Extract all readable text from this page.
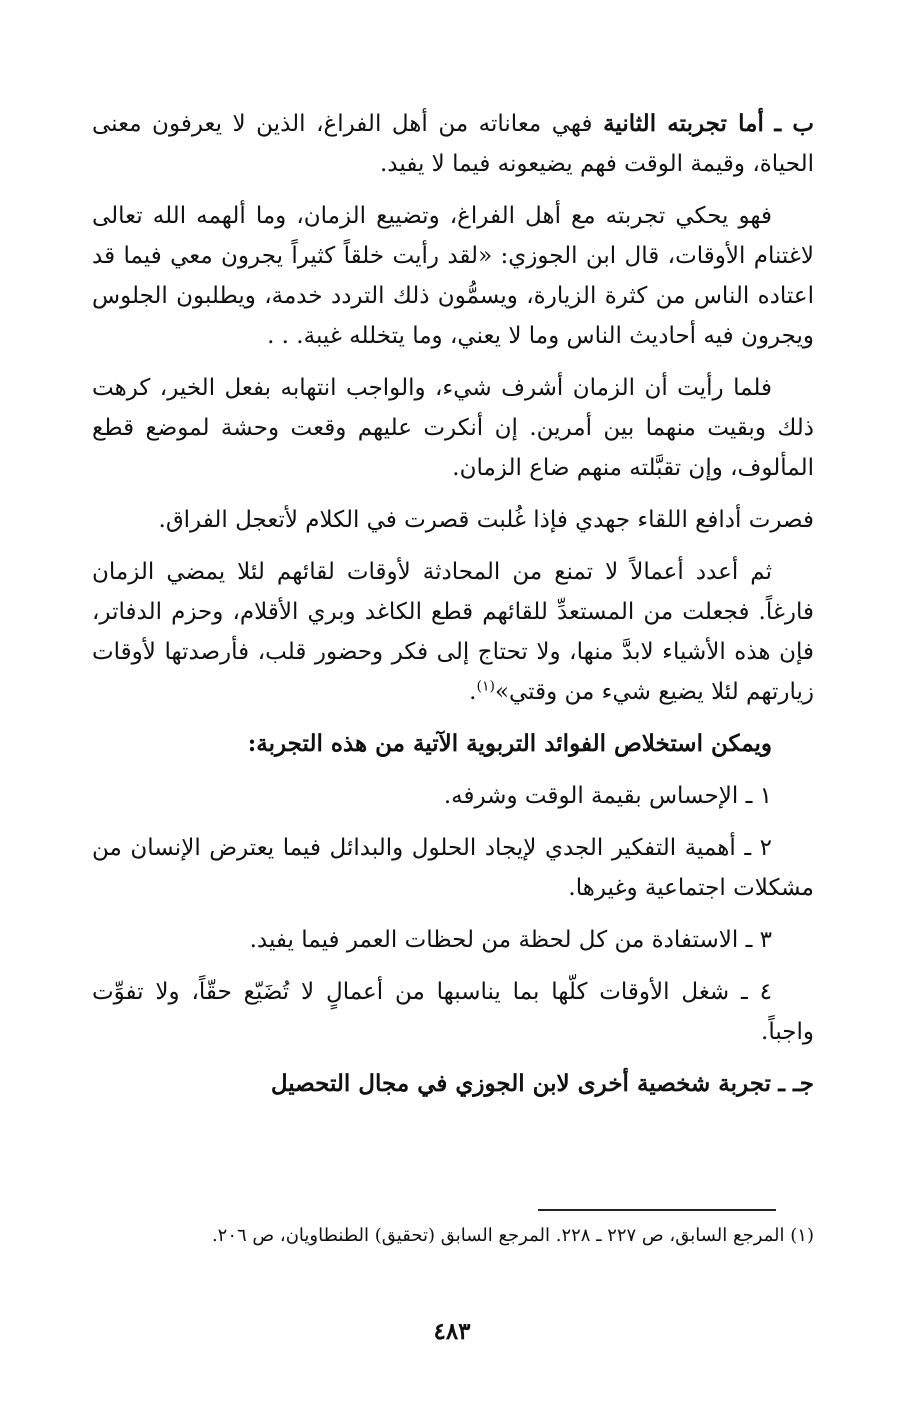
ب ـ أما تجربته الثانية فهي معاناته من أهل الفراغ، الذين لا يعرفون معنى الحياة، وقيمة الوقت فهم يضيعونه فيما لا يفيد.

فهو يحكي تجربته مع أهل الفراغ، وتضييع الزمان، وما ألهمه الله تعالى لاغتنام الأوقات، قال ابن الجوزي: «لقد رأيت خلقاً كثيراً يجرون معي فيما قد اعتاده الناس من كثرة الزيارة، ويسمُّون ذلك التردد خدمة، ويطلبون الجلوس ويجرون فيه أحاديث الناس وما لا يعني، وما يتخلله غيبة. . .

فلما رأيت أن الزمان أشرف شيء، والواجب انتهابه بفعل الخير، كرهت ذلك وبقيت منهما بين أمرين. إن أنكرت عليهم وقعت وحشة لموضع قطع المألوف، وإن تقبَّلته منهم ضاع الزمان.

فصرت أدافع اللقاء جهدي فإذا غُلبت قصرت في الكلام لأتعجل الفراق.

ثم أعدد أعمالاً لا تمنع من المحادثة لأوقات لقائهم لئلا يمضي الزمان فارغاً. فجعلت من المستعدِّ للقائهم قطع الكاغد وبري الأقلام، وحزم الدفاتر، فإن هذه الأشياء لابدَّ منها، ولا تحتاج إلى فكر وحضور قلب، فأرصدتها لأوقات زيارتهم لئلا يضيع شيء من وقتي»$^{(١)}$.

ويمكن استخلاص الفوائد التربوية الآتية من هذه التجربة:

١ ـ الإحساس بقيمة الوقت وشرفه.

٢ ـ أهمية التفكير الجدي لإيجاد الحلول والبدائل فيما يعترض الإنسان من مشكلات اجتماعية وغيرها.

٣ ـ الاستفادة من كل لحظة من لحظات العمر فيما يفيد.

٤ ـ شغل الأوقات كلّها بما يناسبها من أعمالٍ لا تُضَيّع حقّاً، ولا تفوِّت واجباً.

جـ ـ تجربة شخصية أخرى لابن الجوزي في مجال التحصيل

(١) المرجع السابق، ص ٢٢٧ ـ ٢٢٨. المرجع السابق (تحقيق) الطنطاويان، ص ٢٠٦.
٤٨٣
